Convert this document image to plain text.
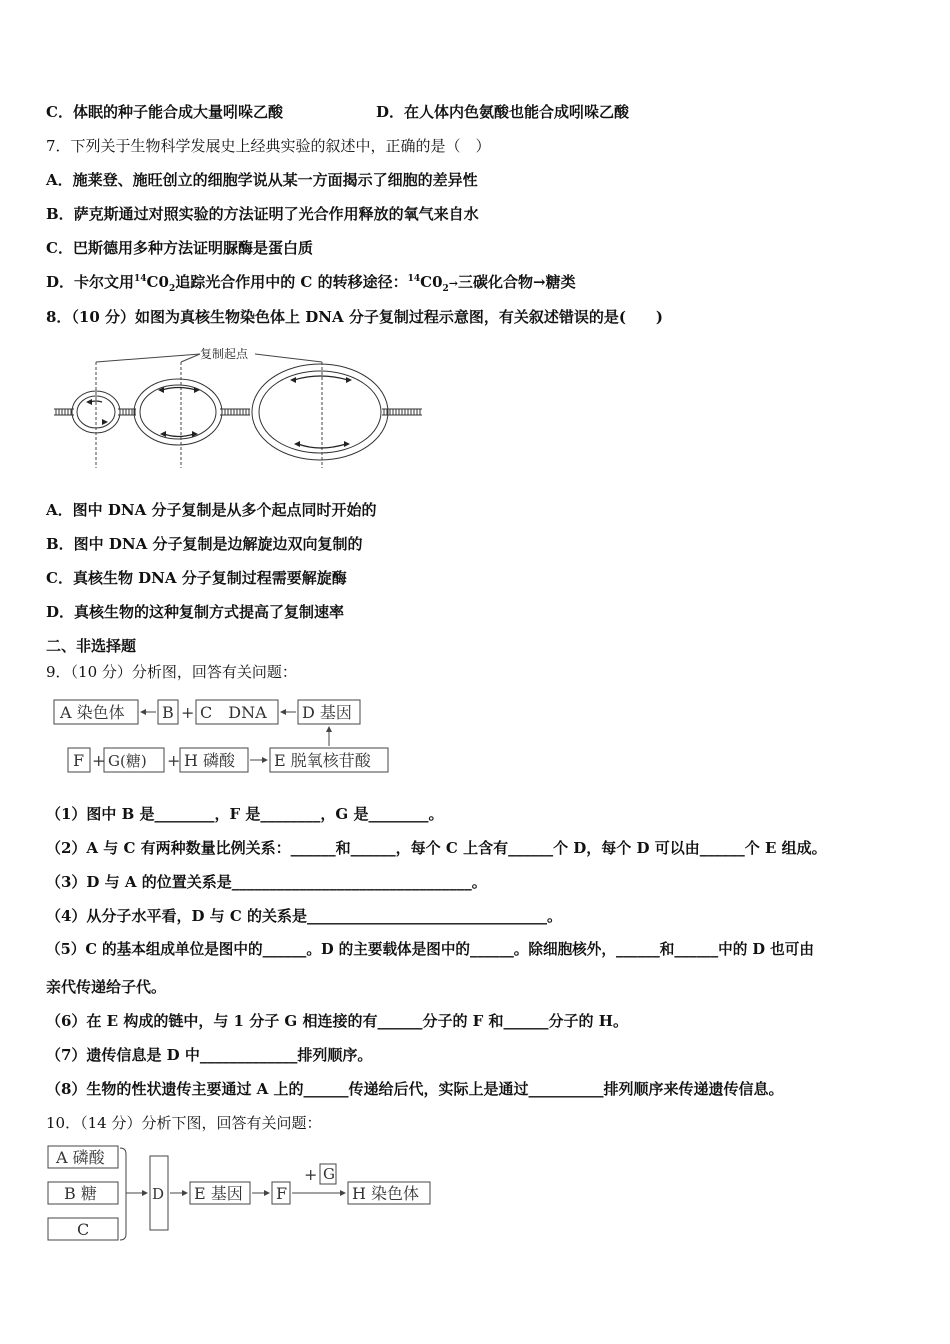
C．体眠的种子能合成大量吲哚乙酸	D．在人体内色氨酸也能合成吲哚乙酸
7．下列关于生物科学发展史上经典实验的叙述中，正确的是（　）
A．施莱登、施旺创立的细胞学说从某一方面揭示了细胞的差异性
B．萨克斯通过对照实验的方法证明了光合作用释放的氧气来自水
C．巴斯德用多种方法证明脲酶是蛋白质
D．卡尔文用$^{14}C0_2$追踪光合作用中的 C 的转移途径：$^{14}C0_2\to$三碳化合物→糖类
8．（10 分）如图为真核生物染色体上 DNA 分子复制过程示意图，有关叙述错误的是(　　)
复制起点
A．图中 DNA 分子复制是从多个起点同时开始的
B．图中 DNA 分子复制是边解旋边双向复制的
C．真核生物 DNA 分子复制过程需要解旋酶
D．真核生物的这种复制方式提高了复制速率
二、非选择题
9．（10 分）分析图，回答有关问题：
A 染色体 B + C　DNA D 基因
F + G(糖) + H 磷酸 E 脱氧核苷酸
（1）图中 B 是________，F 是________，G 是________。
（2）A 与 C 有两种数量比例关系：______和______，每个 C 上含有______个 D，每个 D 可以由______个 E 组成。
（3）D 与 A 的位置关系是________________________________。
（4）从分子水平看，D 与 C 的关系是________________________________。
（5）C 的基本组成单位是图中的______。D 的主要载体是图中的______。除细胞核外，______和______中的 D 也可由
亲代传递给子代。
（6）在 E 构成的链中，与 1 分子 G 相连接的有______分子的 F 和______分子的 H。
（7）遗传信息是 D 中_____________排列顺序。
（8）生物的性状遗传主要通过 A 上的______传递给后代，实际上是通过__________排列顺序来传递遗传信息。
10．（14 分）分析下图，回答有关问题：
A 磷酸
B 糖
C
D E 基因 F
+ G
H 染色体
